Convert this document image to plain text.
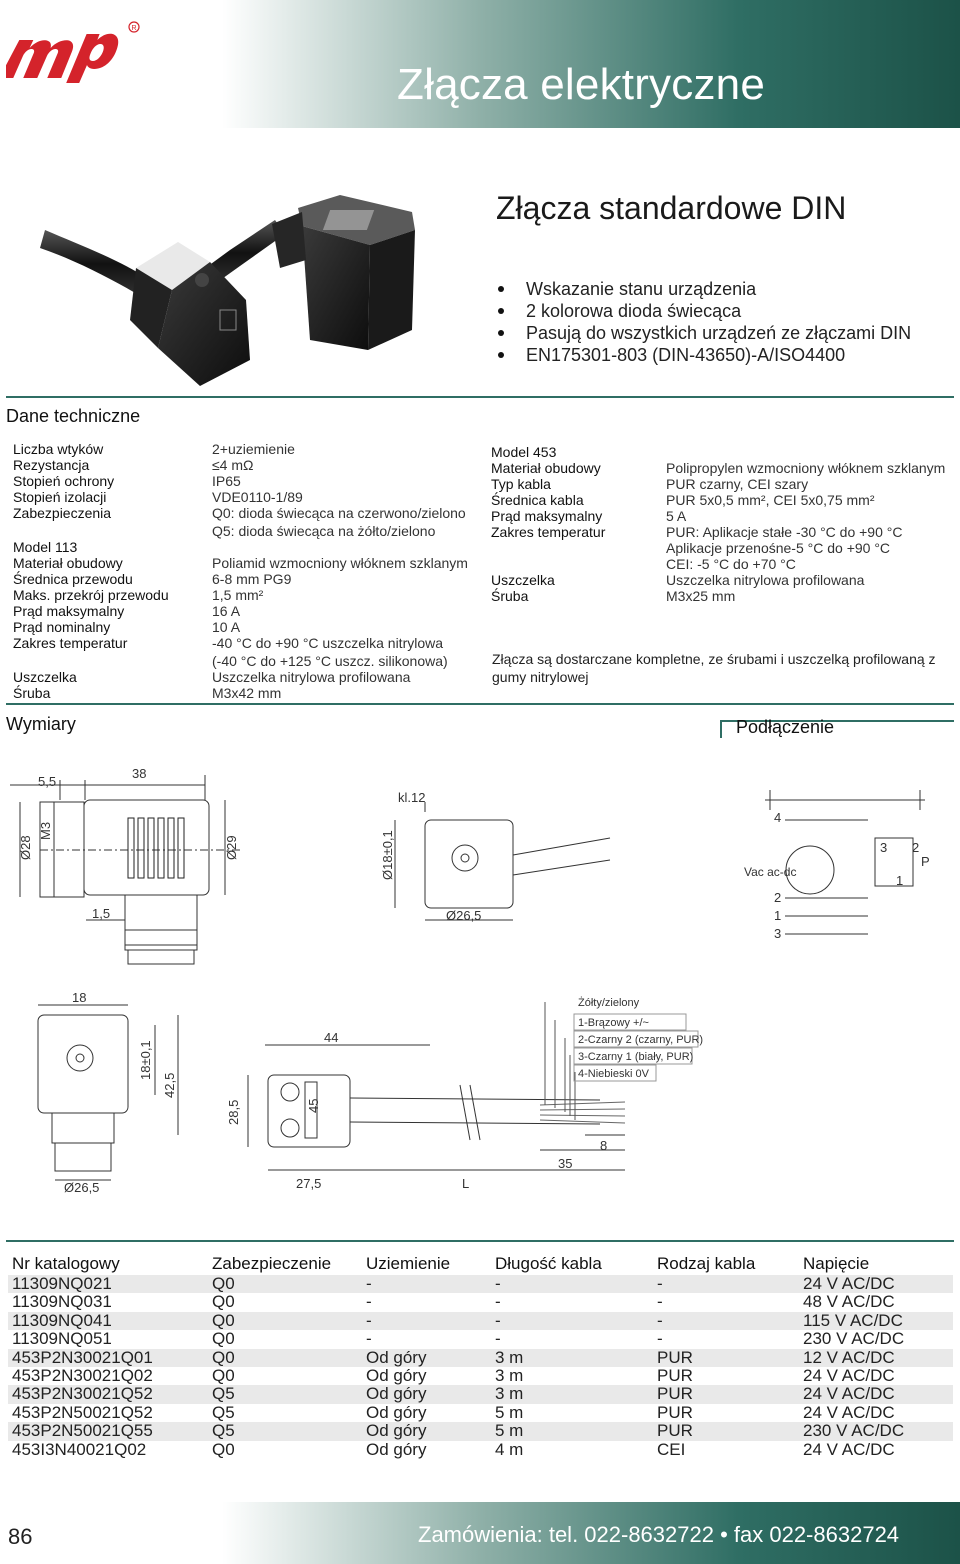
R
mpm
Złącza elektryczne
Złącza standardowe DIN
Wskazanie stanu urządzenia
2 kolorowa dioda świecąca
Pasują do wszystkich urządzeń ze złączami DIN
EN175301-803 (DIN-43650)-A/ISO4400
Dane techniczne
Liczba wtyków	2+uziemienie
Rezystancja	≤4 mΩ
Stopień ochrony	IP65
Stopień izolacji	VDE0110-1/89
Zabezpieczenia	Q0: dioda świecąca na czerwono/zielono
Q5: dioda świecąca na żółto/zielono
Model 113
Materiał obudowy	Poliamid wzmocniony włóknem szklanym
Średnica przewodu	6-8 mm PG9
Maks. przekrój przewodu	1,5 mm²
Prąd maksymalny	16 A
Prąd nominalny	10 A
Zakres temperatur	-40 °C do +90 °C uszczelka nitrylowa
(-40 °C do +125 °C uszcz. silikonowa)
Uszczelka	Uszczelka nitrylowa profilowana
Śruba	M3x42 mm
Model 453
Materiał obudowy	Polipropylen wzmocniony włóknem szklanym
Typ kabla	PUR czarny, CEI szary
Średnica kabla	PUR 5x0,5 mm², CEI 5x0,75 mm²
Prąd maksymalny	5 A
Zakres temperatur	PUR: Aplikacje stałe -30 °C do +90 °C
Aplikacje przenośne-5 °C do +90 °C
CEI: -5 °C do +70 °C
Uszczelka	Uszczelka nitrylowa profilowana
Śruba	M3x25 mm
Złącza są dostarczane kompletne, ze śrubami i uszczelką profilowaną z gumy nitrylowej
Wymiary	Podłączenie
5,5
38
Ø28
M3
Ø29
1,5
kl.12
Ø18±0,1
Ø26,5
4
Vac ac-dc
2
1
3
3 2
1
P
18
18±0,1
42,5
Ø26,5
44
28,5	45
27,5	L
35
8
Żółty/zielony
1-Brązowy +/~
2-Czarny 2 (czarny, PUR)
3-Czarny 1 (biały, PUR)
4-Niebieski 0V
Nr katalogowy	Zabezpieczenie	Uziemienie	Długość kabla	Rodzaj kabla	Napięcie
11309NQ021	Q0	-	-	-	24 V AC/DC
11309NQ031	Q0	-	-	-	48 V AC/DC
11309NQ041	Q0	-	-	-	115 V AC/DC
11309NQ051	Q0	-	-	-	230 V AC/DC
453P2N30021Q01	Q0	Od góry	3 m	PUR	12 V AC/DC
453P2N30021Q02	Q0	Od góry	3 m	PUR	24 V AC/DC
453P2N30021Q52	Q5	Od góry	3 m	PUR	24 V AC/DC
453P2N50021Q52	Q5	Od góry	5 m	PUR	24 V AC/DC
453P2N50021Q55	Q5	Od góry	5 m	PUR	230 V AC/DC
453I3N40021Q02	Q0	Od góry	4 m	CEI	24 V AC/DC
86	Zamówienia: tel. 022-8632722 • fax 022-8632724
